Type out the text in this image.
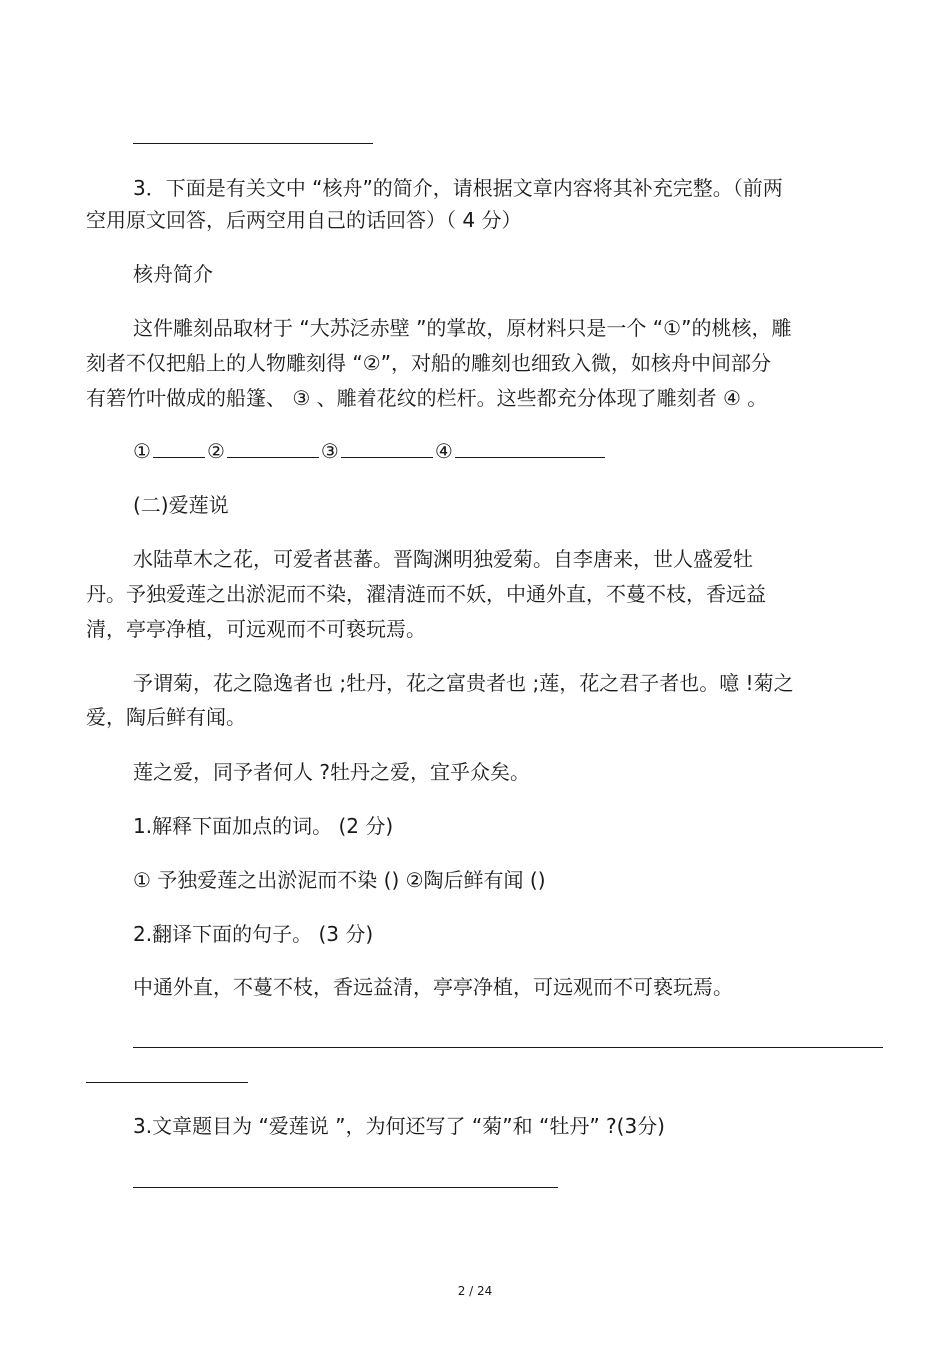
3．下面是有关文中 “核舟”的简介，请根据文章内容将其补充完整。（前两
空用原文回答，后两空用自己的话回答）（ 4 分）
核舟简介
这件雕刻品取材于 “大苏泛赤壁 ”的掌故，原材料只是一个 “①”的桃核，雕
刻者不仅把船上的人物雕刻得 “②”，对船的雕刻也细致入微，如核舟中间部分
有箬竹叶做成的船篷、 ③ 、雕着花纹的栏杆。这些都充分体现了雕刻者 ④ 。
①	②	③	④
(二)爱莲说
水陆草木之花，可爱者甚蕃。晋陶渊明独爱菊。自李唐来，世人盛爱牡
丹。予独爱莲之出淤泥而不染，濯清涟而不妖，中通外直，不蔓不枝，香远益
清，亭亭净植，可远观而不可亵玩焉。
予谓菊，花之隐逸者也 ;牡丹，花之富贵者也 ;莲，花之君子者也。噫 !菊之
爱，陶后鲜有闻。
莲之爱，同予者何人 ?牡丹之爱，宜乎众矣。
1.解释下面加点的词。 (2 分)
① 予独爱莲之出淤泥而不染 () ②陶后鲜有闻 ()
2.翻译下面的句子。 (3 分)
中通外直，不蔓不枝，香远益清，亭亭净植，可远观而不可亵玩焉。
3.文章题目为 “爱莲说 ”，为何还写了 “菊”和 “牡丹” ?(3分)
2 / 24
